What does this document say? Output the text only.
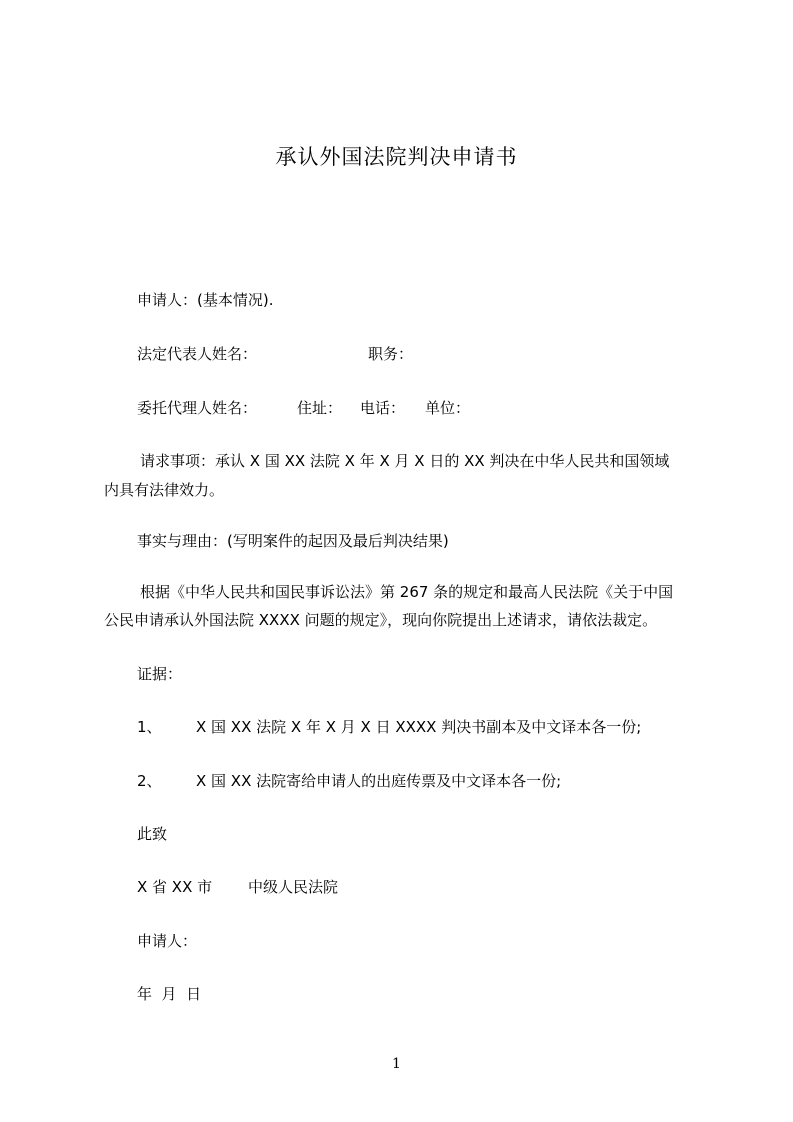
承认外国法院判决申请书
申请人：(基本情况).
法定代表人姓名：	职务：
委托代理人姓名：	住址： 电话： 单位：
请求事项：承认 X 国 XX 法院 X 年 X 月 X 日的 XX 判决在中华人民共和国领域
内具有法律效力。
事实与理由：(写明案件的起因及最后判决结果)
根据《中华人民共和国民事诉讼法》第 267 条的规定和最高人民法院《关于中国
公民申请承认外国法院 XXXX 问题的规定》，现向你院提出上述请求，请依法裁定。
证据：
1、 X 国 XX 法院 X 年 X 月 X 日 XXXX 判决书副本及中文译本各一份;
2、 X 国 XX 法院寄给申请人的出庭传票及中文译本各一份;
此致
X 省 XX 市 中级人民法院
申请人：
年  月  日
1
